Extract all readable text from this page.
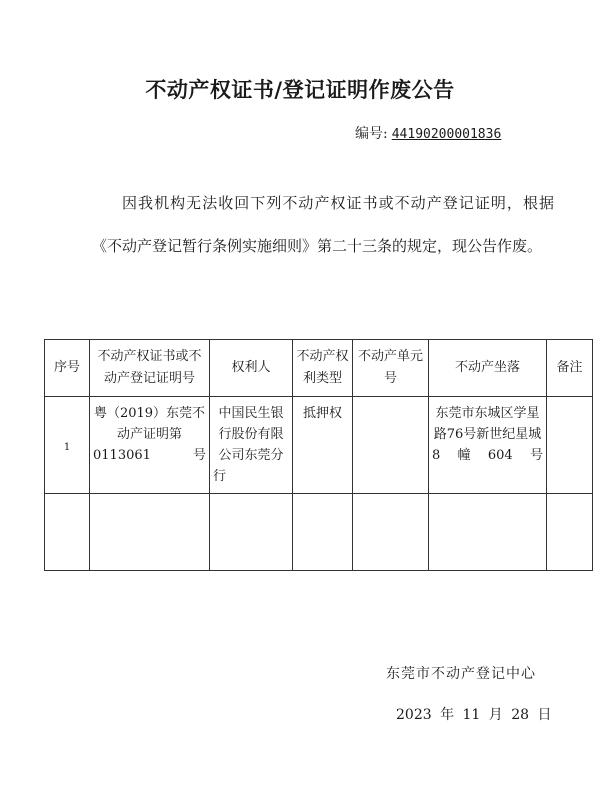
不动产权证书/登记证明作废公告
编号: 44190200001836
因我机构无法收回下列不动产权证书或不动产登记证明，根据《不动产登记暂行条例实施细则》第二十三条的规定，现公告作废。
序号	不动产权证书或不动产登记证明号	权利人	不动产权利类型	不动产单元号	不动产坐落	备注
1	粤（2019）东莞不动产证明第0113061号	中国民生银行股份有限公司东莞分行	抵押权		东莞市东城区学星路76号新世纪星城8幢604号	

东莞市不动产登记中心
2023 年 11 月 28 日
